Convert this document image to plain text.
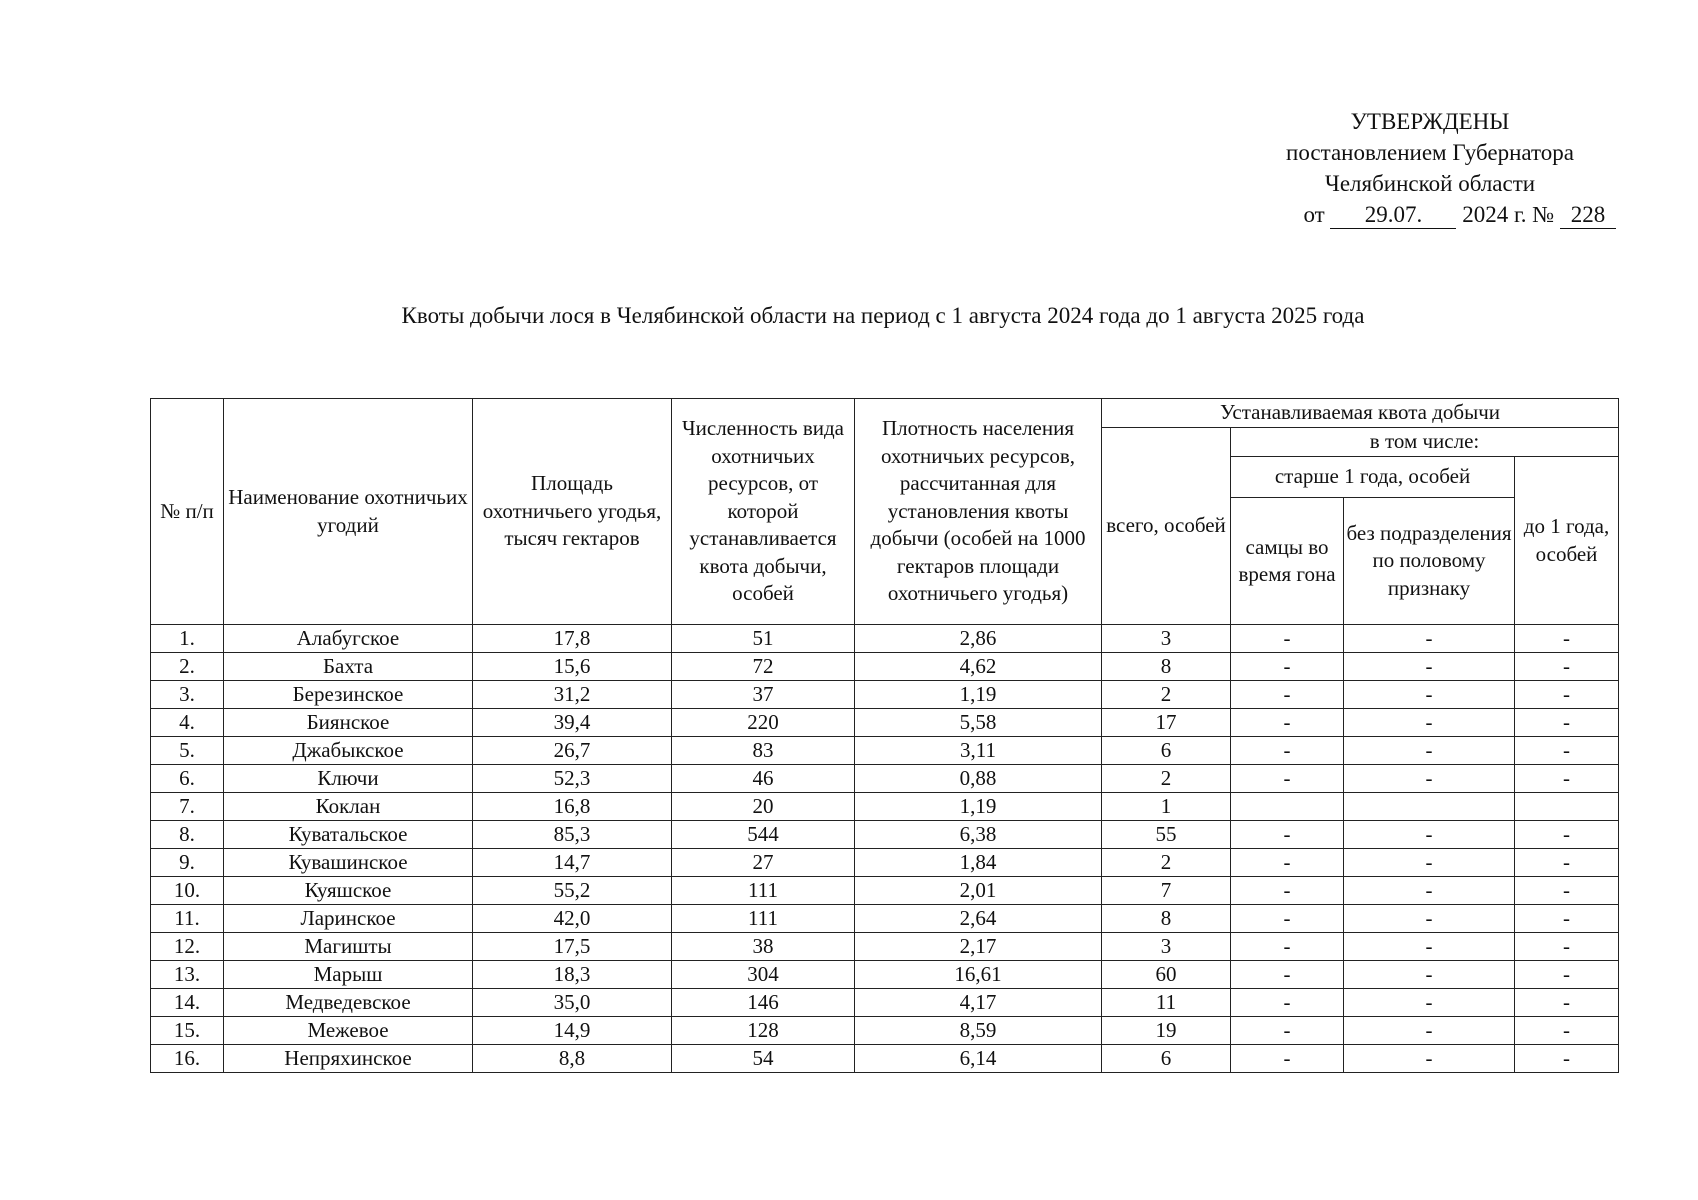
УТВЕРЖДЕНЫ
постановлением Губернатора
Челябинской области
от 29.07. 2024 г. № 228
Квоты добычи лося в Челябинской области на период с 1 августа 2024 года до 1 августа 2025 года
№ п/п	Наименование охотничьих угодий	Площадь охотничьего угодья, тысяч гектаров	Численность вида охотничьих ресурсов, от которой устанавливается квота добычи, особей	Плотность населения охотничьих ресурсов, рассчитанная для установления квоты добычи (особей на 1000 гектаров площади охотничьего угодья)	Устанавливаемая квота добычи			
					всего, особей	в том числе:		
						старше 1 года, особей		до 1 года, особей
						самцы во время гона	без подразделения по половому признаку	
1.	Алабугское	17,8	51	2,86	3	-	-	-
2.	Бахта	15,6	72	4,62	8	-	-	-
3.	Березинское	31,2	37	1,19	2	-	-	-
4.	Биянское	39,4	220	5,58	17	-	-	-
5.	Джабыкское	26,7	83	3,11	6	-	-	-
6.	Ключи	52,3	46	0,88	2	-	-	-
7.	Коклан	16,8	20	1,19	1			
8.	Куватальское	85,3	544	6,38	55	-	-	-
9.	Кувашинское	14,7	27	1,84	2	-	-	-
10.	Куяшское	55,2	111	2,01	7	-	-	-
11.	Ларинское	42,0	111	2,64	8	-	-	-
12.	Магишты	17,5	38	2,17	3	-	-	-
13.	Марыш	18,3	304	16,61	60	-	-	-
14.	Медведевское	35,0	146	4,17	11	-	-	-
15.	Межевое	14,9	128	8,59	19	-	-	-
16.	Непряхинское	8,8	54	6,14	6	-	-	-
